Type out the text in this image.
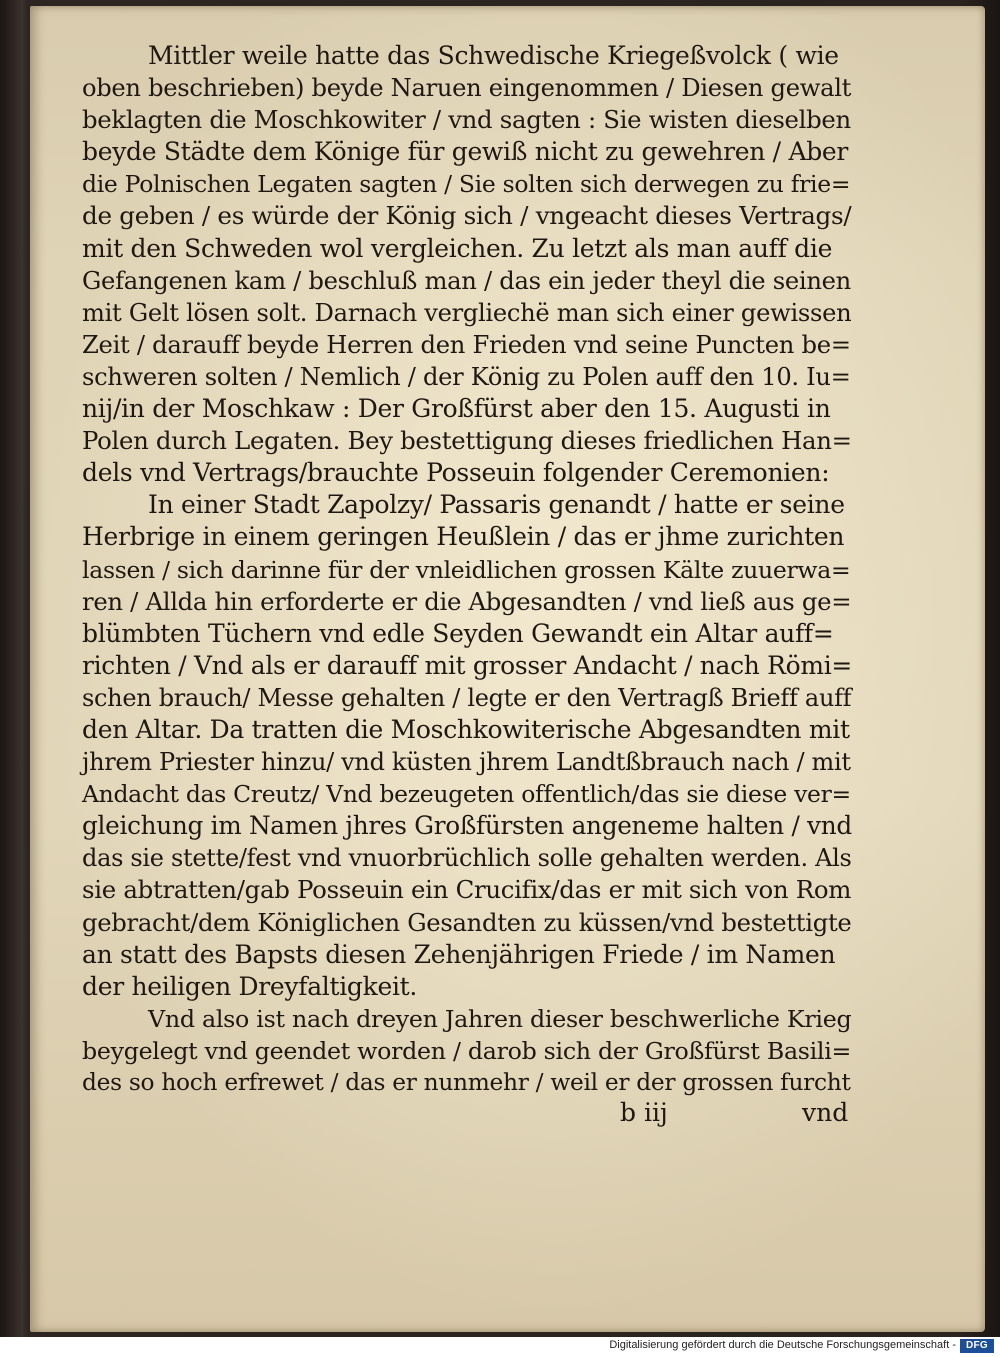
Mittler weile hatte das Schwedische Kriegeßvolck ( wie
oben beschrieben) beyde Naruen eingenommen / Diesen gewalt
beklagten die Moschkowiter / vnd sagten : Sie wisten dieselben
beyde Städte dem Könige für gewiß nicht zu gewehren / Aber
die Polnischen Legaten sagten / Sie solten sich derwegen zu frie=
de geben / es würde der König sich / vngeacht dieses Vertrags/
mit den Schweden wol vergleichen. Zu letzt als man auff die
Gefangenen kam / beschluß man / das ein jeder theyl die seinen
mit Gelt lösen solt. Darnach vergliechë man sich einer gewissen
Zeit / darauff beyde Herren den Frieden vnd seine Puncten be=
schweren solten / Nemlich / der König zu Polen auff den 10. Iu=
nij/in der Moschkaw : Der Großfürst aber den 15. Augusti in
Polen durch Legaten. Bey bestettigung dieses friedlichen Han=
dels vnd Vertrags/brauchte Posseuin folgender Ceremonien:
In einer Stadt Zapolzy/ Passaris genandt / hatte er seine
Herbrige in einem geringen Heußlein / das er jhme zurichten
lassen / sich darinne für der vnleidlichen grossen Kälte zuuerwa=
ren / Allda hin erforderte er die Abgesandten / vnd ließ aus ge=
blümbten Tüchern vnd edle Seyden Gewandt ein Altar auff=
richten / Vnd als er darauff mit grosser Andacht / nach Römi=
schen brauch/ Messe gehalten / legte er den Vertragß Brieff auff
den Altar. Da tratten die Moschkowiterische Abgesandten mit
jhrem Priester hinzu/ vnd küsten jhrem Landtßbrauch nach / mit
Andacht das Creutz/ Vnd bezeugeten offentlich/das sie diese ver=
gleichung im Namen jhres Großfürsten angeneme halten / vnd
das sie stette/fest vnd vnuorbrüchlich solle gehalten werden. Als
sie abtratten/gab Posseuin ein Crucifix/das er mit sich von Rom
gebracht/dem Königlichen Gesandten zu küssen/vnd bestettigte
an statt des Bapsts diesen Zehenjährigen Friede / im Namen
der heiligen Dreyfaltigkeit.
Vnd also ist nach dreyen Jahren dieser beschwerliche Krieg
beygelegt vnd geendet worden / darob sich der Großfürst Basili=
des so hoch erfrewet / das er nunmehr / weil er der grossen furcht
b iij	vnd
Digitalisierung gefördert durch die Deutsche Forschungsgemeinschaft - DFG
